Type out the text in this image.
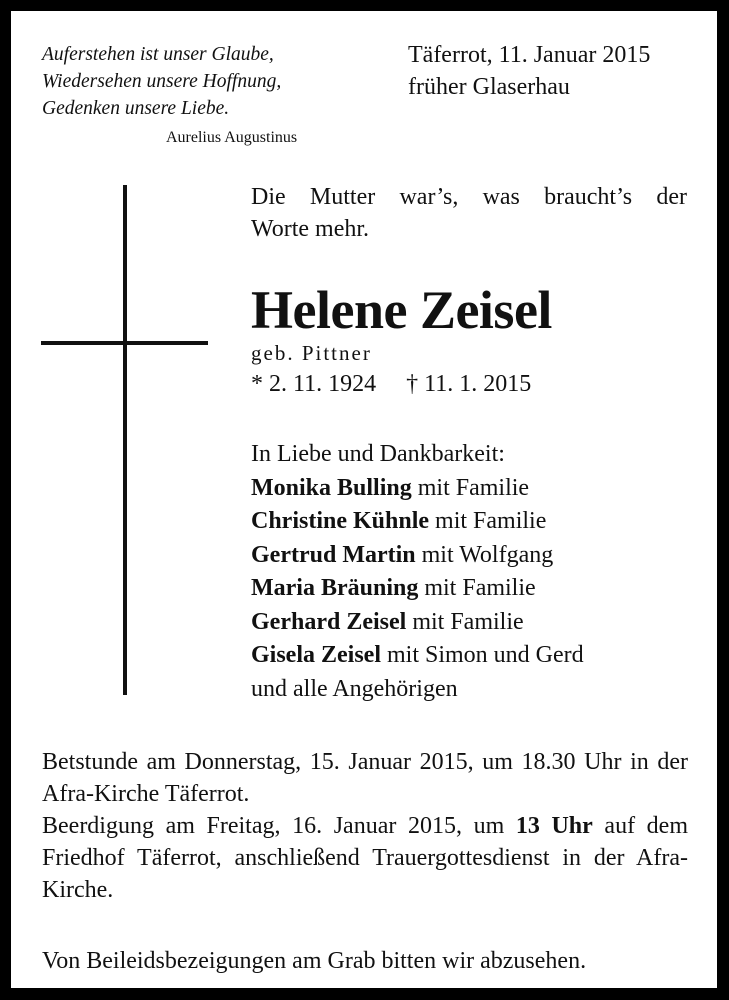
Auferstehen ist unser Glaube,
Wiedersehen unsere Hoffnung,
Gedenken unsere Liebe.
Aurelius Augustinus
Täferrot, 11. Januar 2015
früher Glaserhau
Die Mutter war’s, was braucht’s der
Worte mehr.
Helene Zeisel
geb. Pittner
* 2. 11. 1924 † 11. 1. 2015
In Liebe und Dankbarkeit:
Monika Bulling mit Familie
Christine Kühnle mit Familie
Gertrud Martin mit Wolfgang
Maria Bräuning mit Familie
Gerhard Zeisel mit Familie
Gisela Zeisel mit Simon und Gerd
und alle Angehörigen

Betstunde am Donnerstag, 15. Januar 2015, um 18.30 Uhr in der Afra-Kirche Täferrot.

Beerdigung am Freitag, 16. Januar 2015, um 13 Uhr auf dem Friedhof Täferrot, anschließend Trauergottesdienst in der Afra-Kirche.

Von Beileidsbezeigungen am Grab bitten wir abzusehen.
